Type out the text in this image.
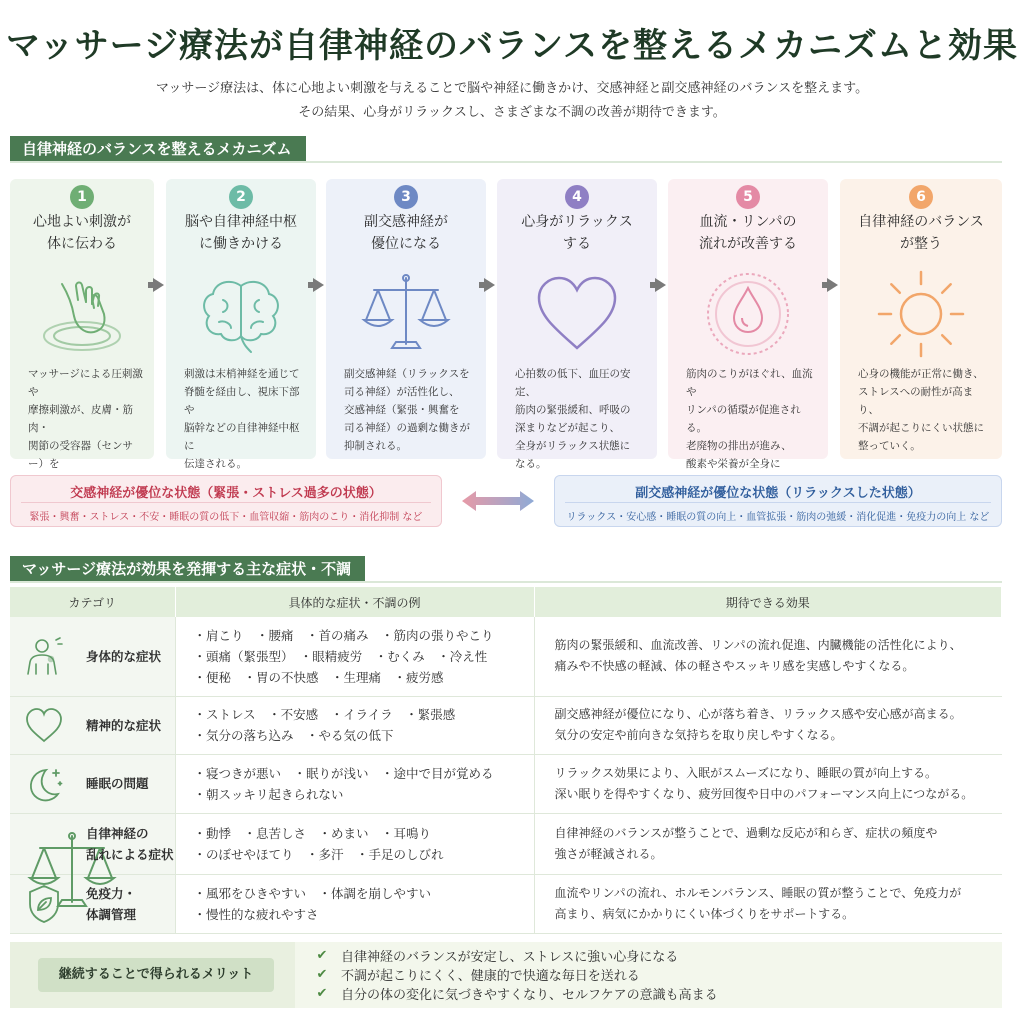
マッサージ療法が自律神経のバランスを整えるメカニズムと効果
マッサージ療法は、体に心地よい刺激を与えることで脳や神経に働きかけ、交感神経と副交感神経のバランスを整えます。
その結果、心身がリラックスし、さまざまな不調の改善が期待できます。
自律神経のバランスを整えるメカニズム
1
心地よい刺激が
体に伝わる
マッサージによる圧刺激や
摩擦刺激が、皮膚・筋肉・
関節の受容器（センサー）を

2
脳や自律神経中枢
に働きかける
刺激は末梢神経を通じて
脊髄を経由し、視床下部や
脳幹などの自律神経中枢に
伝達される。
3
副交感神経が
優位になる
副交感神経（リラックスを
司る神経）が活性化し、
交感神経（緊張・興奮を
司る神経）の過剰な働きが
抑制される。
4
心身がリラックス
する
心拍数の低下、血圧の安定、
筋肉の緊張緩和、呼吸の
深まりなどが起こり、
全身がリラックス状態に
なる。
5
血流・リンパの
流れが改善する
筋肉のこりがほぐれ、血流や
リンパの循環が促進される。
老廃物の排出が進み、
酸素や栄養が全身に

6
自律神経のバランス
が整う
心身の機能が正常に働き、
ストレスへの耐性が高まり、
不調が起こりにくい状態に
整っていく。
交感神経が優位な状態（緊張・ストレス過多の状態）
緊張・興奮・ストレス・不安・睡眠の質の低下・血管収縮・筋肉のこり・消化抑制 など
副交感神経が優位な状態（リラックスした状態）
リラックス・安心感・睡眠の質の向上・血管拡張・筋肉の弛緩・消化促進・免疫力の向上 など
マッサージ療法が効果を発揮する主な症状・不調
カテゴリ	具体的な症状・不調の例	期待できる効果

身体的な症状	・肩こり　・腰痛　・首の痛み　・筋肉の張りやこり
・頭痛（緊張型）　・眼精疲労　・むくみ　・冷え性
・便秘　・胃の不快感　・生理痛　・疲労感	筋肉の緊張緩和、血流改善、リンパの流れ促進、内臓機能の活性化により、
痛みや不快感の軽減、体の軽さやスッキリ感を実感しやすくなる。

精神的な症状	・ストレス　・不安感　・イライラ　・緊張感
・気分の落ち込み　・やる気の低下	副交感神経が優位になり、心が落ち着き、リラックス感や安心感が高まる。
気分の安定や前向きな気持ちを取り戻しやすくなる。

睡眠の問題	・寝つきが悪い　・眠りが浅い　・途中で目が覚める
・朝スッキリ起きられない	リラックス効果により、入眠がスムーズになり、睡眠の質が向上する。
深い眠りを得やすくなり、疲労回復や日中のパフォーマンス向上につながる。

自律神経の
乱れによる症状	・動悸　・息苦しさ　・めまい　・耳鳴り
・のぼせやほてり　・多汗　・手足のしびれ	自律神経のバランスが整うことで、過剰な反応が和らぎ、症状の頻度や
強さが軽減される。

免疫力・
体調管理	・風邪をひきやすい　・体調を崩しやすい
・慢性的な疲れやすさ	血流やリンパの流れ、ホルモンバランス、睡眠の質が整うことで、免疫力が
高まり、病気にかかりにくい体づくりをサポートする。
継続することで得られるメリット
✔ 自律神経のバランスが安定し、ストレスに強い心身になる
✔ 不調が起こりにくく、健康的で快適な毎日を送れる
✔ 自分の体の変化に気づきやすくなり、セルフケアの意識も高まる
